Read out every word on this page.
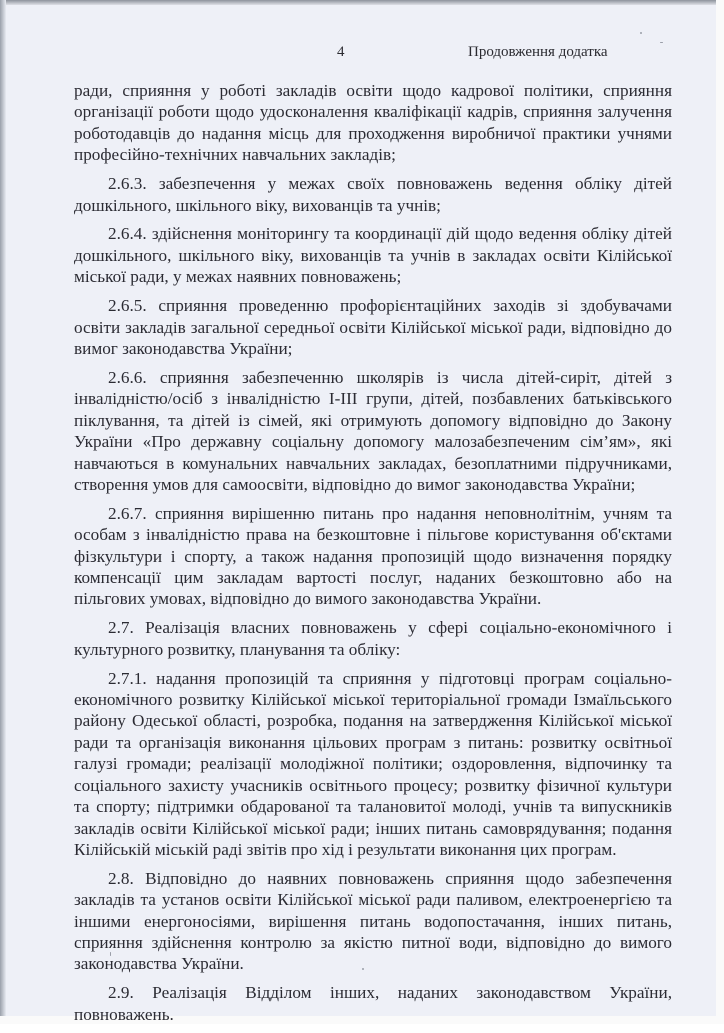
4	Продовження додатка

ради, сприяння у роботі закладів освіти щодо кадрової політики, сприяння організації роботи щодо удосконалення кваліфікації кадрів, сприяння залучення роботодавців до надання місць для проходження виробничої практики учнями професійно-технічних навчальних закладів;

2.6.3. забезпечення у межах своїх повноважень ведення обліку дітей дошкільного, шкільного віку, вихованців та учнів;

2.6.4. здійснення моніторингу та координації дій щодо ведення обліку дітей дошкільного, шкільного віку, вихованців та учнів в закладах освіти Кілійської міської ради, у межах наявних повноважень;

2.6.5. сприяння проведенню профорієнтаційних заходів зі здобувачами освіти закладів загальної середньої освіти Кілійської міської ради, відповідно до вимог законодавства України;

2.6.6. сприяння забезпеченню школярів із числа дітей-сиріт, дітей з інвалідністю/осіб з інвалідністю I-III групи, дітей, позбавлених батьківського піклування, та дітей із сімей, які отримують допомогу відповідно до Закону України «Про державну соціальну допомогу малозабезпеченим сім’ям», які навчаються в комунальних навчальних закладах, безоплатними підручниками, створення умов для самоосвіти, відповідно до вимог законодавства України;

2.6.7. сприяння вирішенню питань про надання неповнолітнім, учням та особам з інвалідністю права на безкоштовне і пільгове користування об'єктами фізкультури і спорту, а також надання пропозицій щодо визначення порядку компенсації цим закладам вартості послуг, наданих безкоштовно або на пільгових умовах, відповідно до вимого законодавства України.

2.7. Реалізація власних повноважень у сфері соціально-економічного і культурного розвитку, планування та обліку:

2.7.1. надання пропозицій та сприяння у підготовці програм соціально-економічного розвитку Кілійської міської територіальної громади Ізмаїльського району Одеської області, розробка, подання на затвердження Кілійської міської ради та організація виконання цільових програм з питань: розвитку освітньої галузі громади; реалізації молодіжної політики; оздоровлення, відпочинку та соціального захисту учасників освітнього процесу; розвитку фізичної культури та спорту; підтримки обдарованої та талановитої молоді, учнів та випускників закладів освіти Кілійської міської ради; інших питань самоврядування; подання Кілійській міській раді звітів про хід і результати виконання цих програм.

2.8. Відповідно до наявних повноважень сприяння щодо забезпечення закладів та установ освіти Кілійської міської ради паливом, електроенергією та іншими енергоносіями, вирішення питань водопостачання, інших питань, сприяння здійснення контролю за якістю питної води, відповідно до вимого законодавства України.

2.9. Реалізація Відділом інших, наданих законодавством України, повноважень.
